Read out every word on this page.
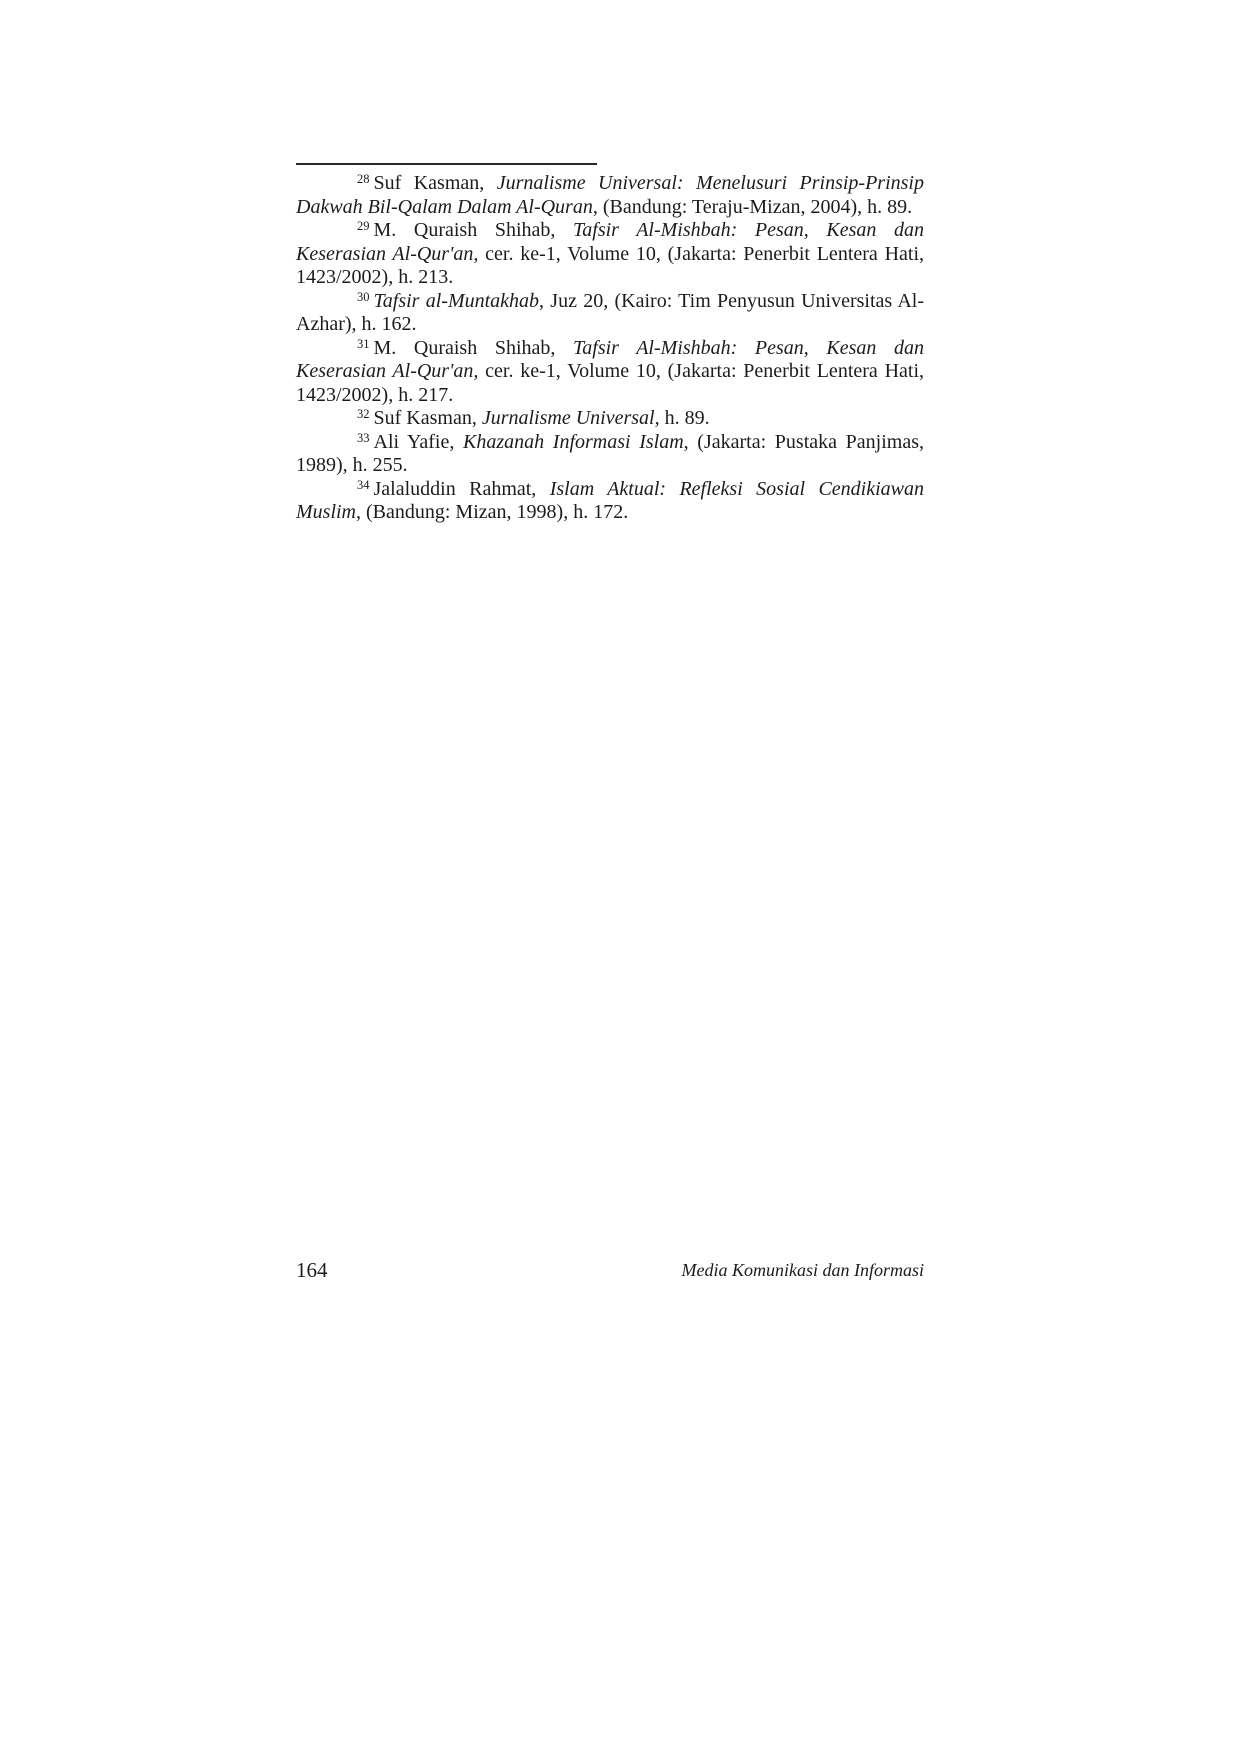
$^{28}$ Suf Kasman, Jurnalisme Universal: Menelusuri Prinsip-Prinsip Dakwah Bil-Qalam Dalam Al-Quran, (Bandung: Teraju-Mizan, 2004), h. 89.

$^{29}$ M. Quraish Shihab, Tafsir Al-Mishbah: Pesan, Kesan dan Keserasian Al-Qur'an, cer. ke-1, Volume 10, (Jakarta: Penerbit Lentera Hati, 1423/2002), h. 213.

$^{30}$ Tafsir al-Muntakhab, Juz 20, (Kairo: Tim Penyusun Universitas Al-Azhar), h. 162.

$^{31}$ M. Quraish Shihab, Tafsir Al-Mishbah: Pesan, Kesan dan Keserasian Al-Qur'an, cer. ke-1, Volume 10, (Jakarta: Penerbit Lentera Hati, 1423/2002), h. 217.

$^{32}$ Suf Kasman, Jurnalisme Universal, h. 89.

$^{33}$ Ali Yafie, Khazanah Informasi Islam, (Jakarta: Pustaka Panjimas, 1989), h. 255.

$^{34}$ Jalaluddin Rahmat, Islam Aktual: Refleksi Sosial Cendikiawan Muslim, (Bandung: Mizan, 1998), h. 172.

164	Media Komunikasi dan Informasi
